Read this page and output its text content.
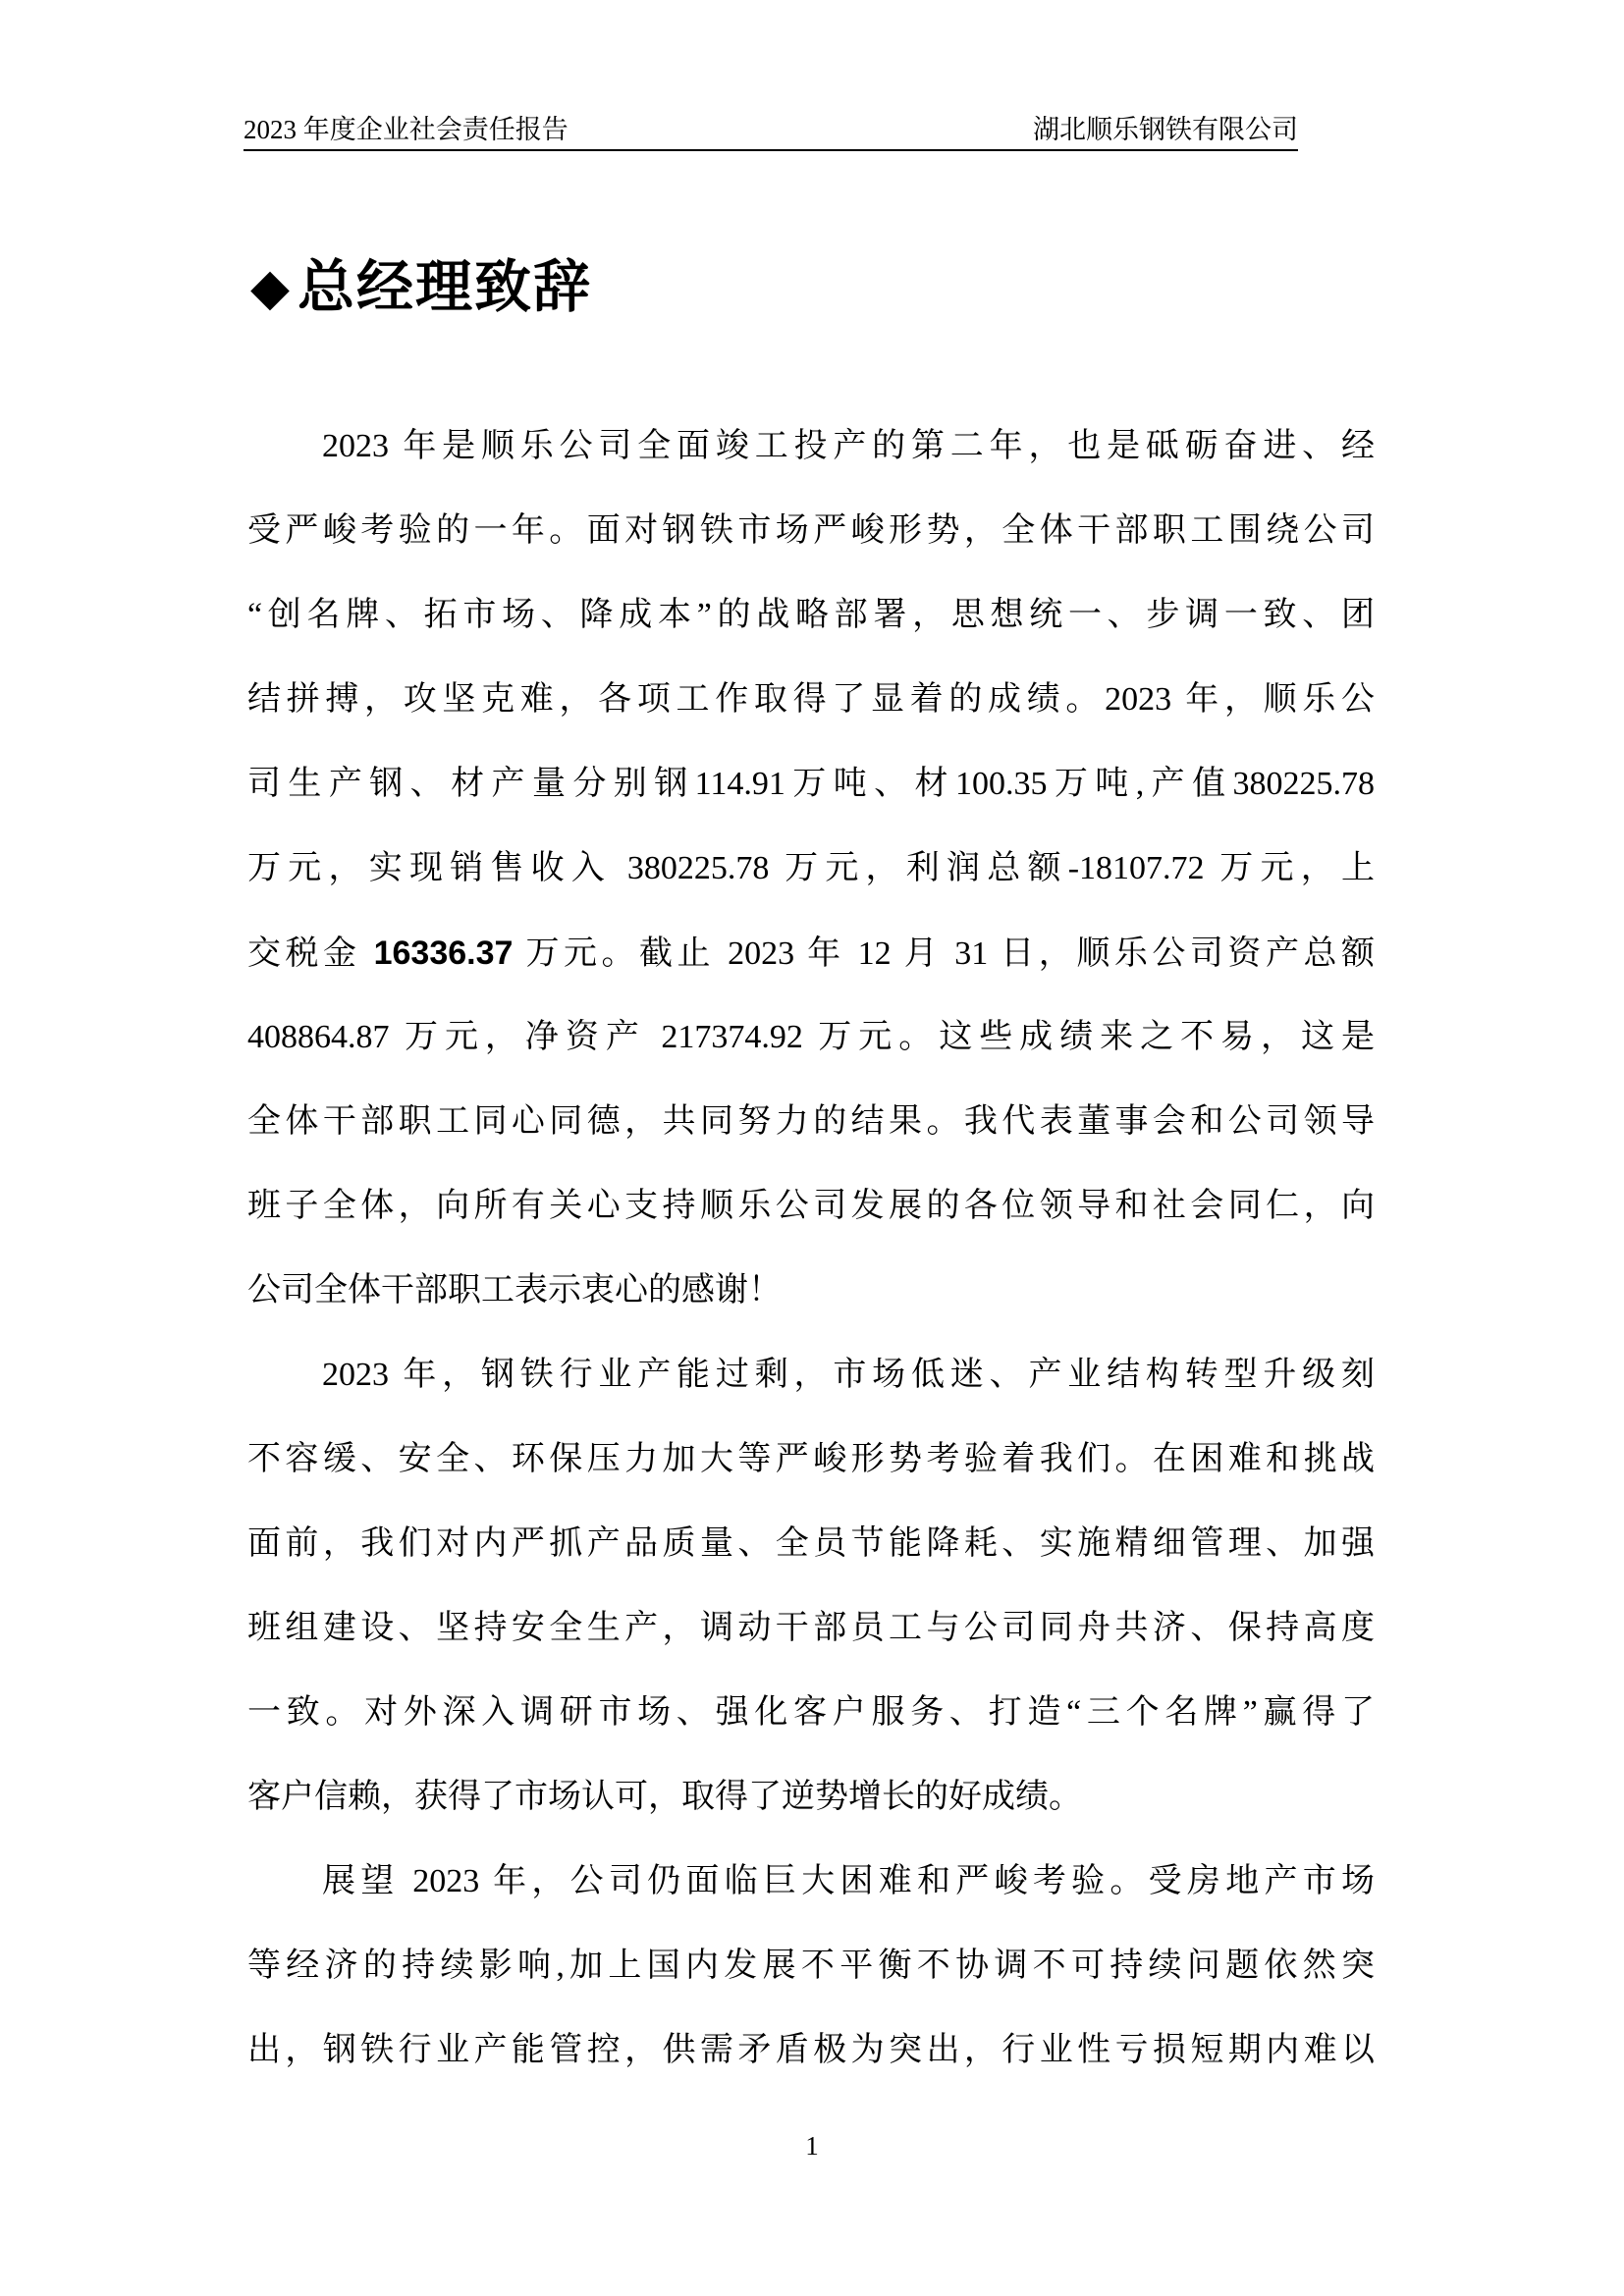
2023 年度企业社会责任报告	湖北顺乐钢铁有限公司
◆ 总经理致辞
2023 年是顺乐公司全面竣工投产的第二年，也是砥砺奋进、经
受严峻考验的一年。面对钢铁市场严峻形势，全体干部职工围绕公司
“创名牌、拓市场、降成本”的战略部署，思想统一、步调一致、团
结拼搏，攻坚克难，各项工作取得了显着的成绩。2023 年，顺乐公
司生产钢、材产量分别钢114.91万吨、材100.35万吨,产值380225.78
万元，实现销售收入 380225.78 万元，利润总额-18107.72 万元，上
交税金 16336.37 万元。截止 2023 年 12 月 31 日，顺乐公司资产总额
408864.87 万元，净资产 217374.92 万元。这些成绩来之不易，这是
全体干部职工同心同德，共同努力的结果。我代表董事会和公司领导
班子全体，向所有关心支持顺乐公司发展的各位领导和社会同仁，向
公司全体干部职工表示衷心的感谢！
2023 年，钢铁行业产能过剩，市场低迷、产业结构转型升级刻
不容缓、安全、环保压力加大等严峻形势考验着我们。在困难和挑战
面前，我们对内严抓产品质量、全员节能降耗、实施精细管理、加强
班组建设、坚持安全生产，调动干部员工与公司同舟共济、保持高度
一致。对外深入调研市场、强化客户服务、打造“三个名牌”赢得了
客户信赖，获得了市场认可，取得了逆势增长的好成绩。
展望 2023 年，公司仍面临巨大困难和严峻考验。受房地产市场
等经济的持续影响,加上国内发展不平衡不协调不可持续问题依然突
出，钢铁行业产能管控，供需矛盾极为突出，行业性亏损短期内难以
1
